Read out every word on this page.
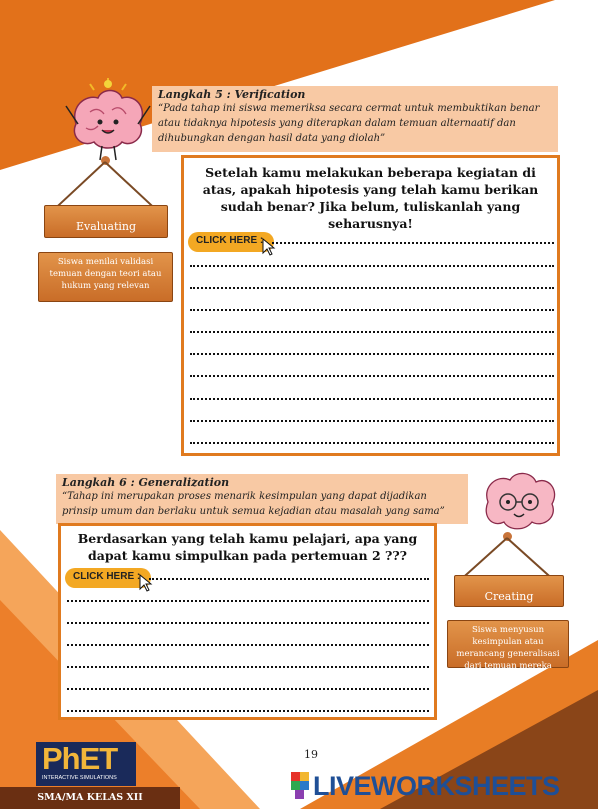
Langkah 5 : Verification
“Pada tahap ini siswa memeriksa secara cermat untuk membuktikan benar atau tidaknya hipotesis yang diterapkan dalam temuan alternaatif dan dihubungkan dengan hasil data yang diolah”
Evaluating
Siswa menilai validasi temuan dengan teori atau hukum yang relevan
Setelah kamu melakukan beberapa kegiatan di atas, apakah hipotesis yang telah kamu berikan sudah benar? Jika belum, tuliskanlah yang seharusnya!
CLICK HERE :
Langkah 6 : Generalization
“Tahap ini merupakan proses menarik kesimpulan yang dapat dijadikan prinsip umum dan berlaku untuk semua kejadian atau masalah yang sama”
Creating
Siswa menyusun kesimpulan atau merancang generalisasi dari temuan mereka
Berdasarkan yang telah kamu pelajari, apa yang dapat kamu simpulkan pada pertemuan 2 ???
CLICK HERE :
19
PhET
INTERACTIVE SIMULATIONS
SMA/MA KELAS XII	LIVEWORKSHEETS
